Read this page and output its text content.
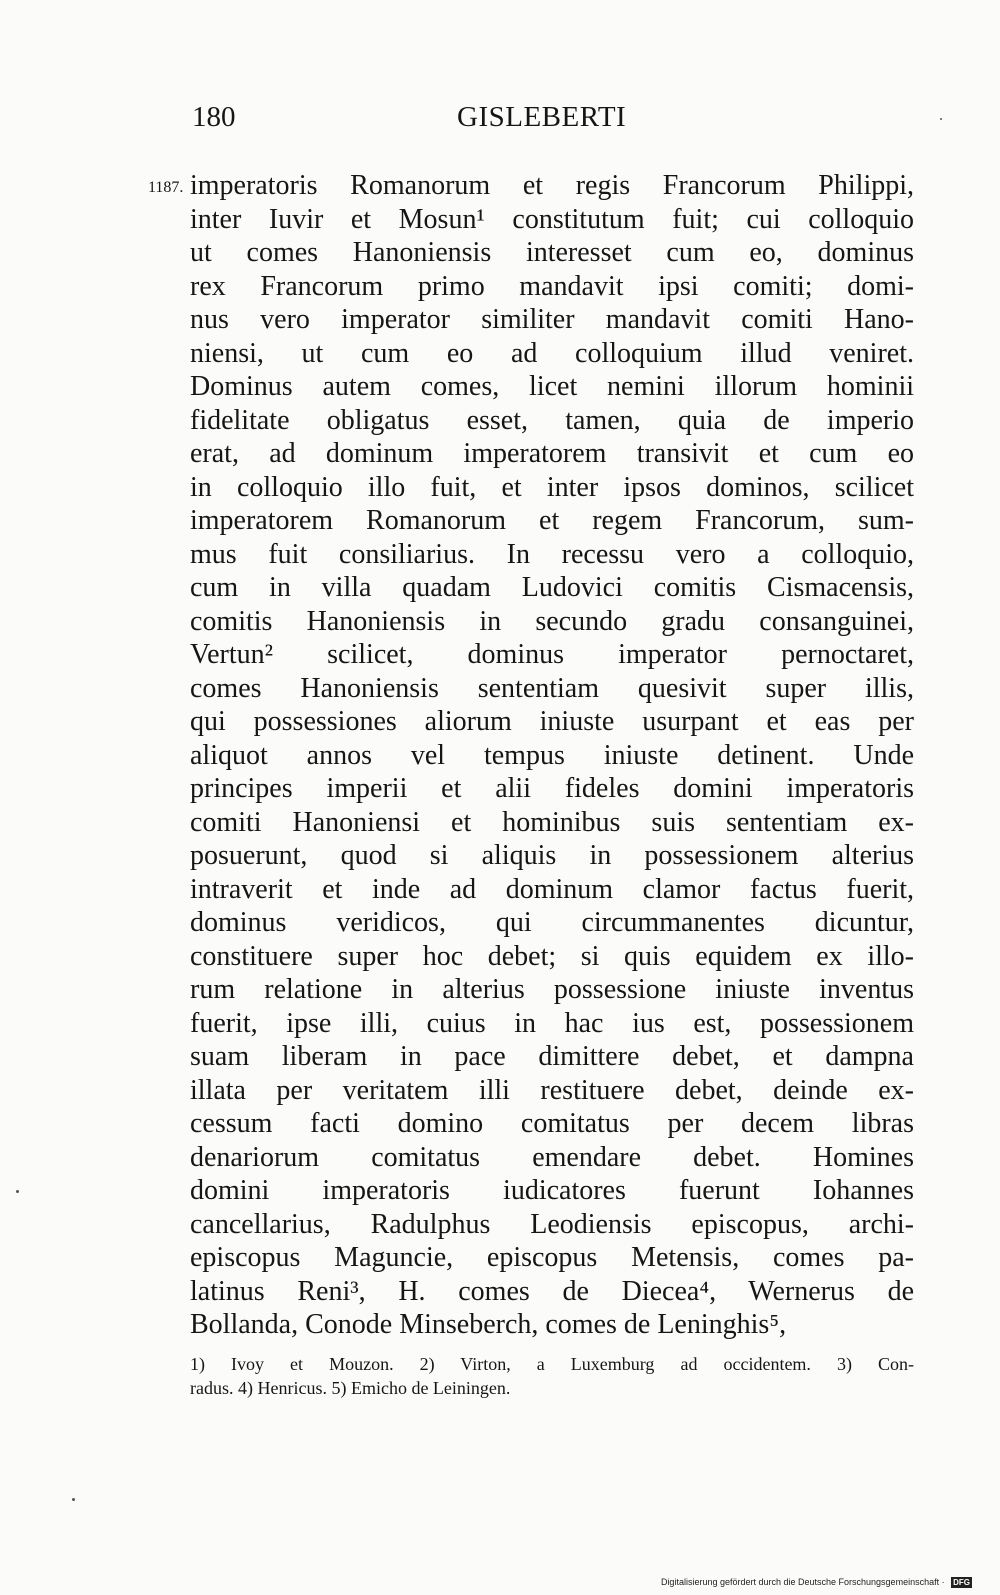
180	GISLEBERTI
1187. imperatoris Romanorum et regis Francorum Philippi,
inter Iuvir et Mosun¹ constitutum fuit; cui colloquio
ut comes Hanoniensis interesset cum eo, dominus
rex Francorum primo mandavit ipsi comiti; domi-
nus vero imperator similiter mandavit comiti Hano-
niensi, ut cum eo ad colloquium illud veniret.
Dominus autem comes, licet nemini illorum hominii
fidelitate obligatus esset, tamen, quia de imperio
erat, ad dominum imperatorem transivit et cum eo
in colloquio illo fuit, et inter ipsos dominos, scilicet
imperatorem Romanorum et regem Francorum, sum-
mus fuit consiliarius. In recessu vero a colloquio,
cum in villa quadam Ludovici comitis Cismacensis,
comitis Hanoniensis in secundo gradu consanguinei,
Vertun² scilicet, dominus imperator pernoctaret,
comes Hanoniensis sententiam quesivit super illis,
qui possessiones aliorum iniuste usurpant et eas per
aliquot annos vel tempus iniuste detinent. Unde
principes imperii et alii fideles domini imperatoris
comiti Hanoniensi et hominibus suis sententiam ex-
posuerunt, quod si aliquis in possessionem alterius
intraverit et inde ad dominum clamor factus fuerit,
dominus veridicos, qui circummanentes dicuntur,
constituere super hoc debet; si quis equidem ex illo-
rum relatione in alterius possessione iniuste inventus
fuerit, ipse illi, cuius in hac ius est, possessionem
suam liberam in pace dimittere debet, et dampna
illata per veritatem illi restituere debet, deinde ex-
cessum facti domino comitatus per decem libras
denariorum comitatus emendare debet. Homines
domini imperatoris iudicatores fuerunt Iohannes
cancellarius, Radulphus Leodiensis episcopus, archi-
episcopus Maguncie, episcopus Metensis, comes pa-
latinus Reni³, H. comes de Diecea⁴, Wernerus de
Bollanda, Conode Minseberch, comes de Leninghis⁵,
1) Ivoy et Mouzon. 2) Virton, a Luxemburg ad occidentem. 3) Con-
radus. 4) Henricus. 5) Emicho de Leiningen.
Digitalisierung gefördert durch die Deutsche Forschungsgemeinschaft · DFG
